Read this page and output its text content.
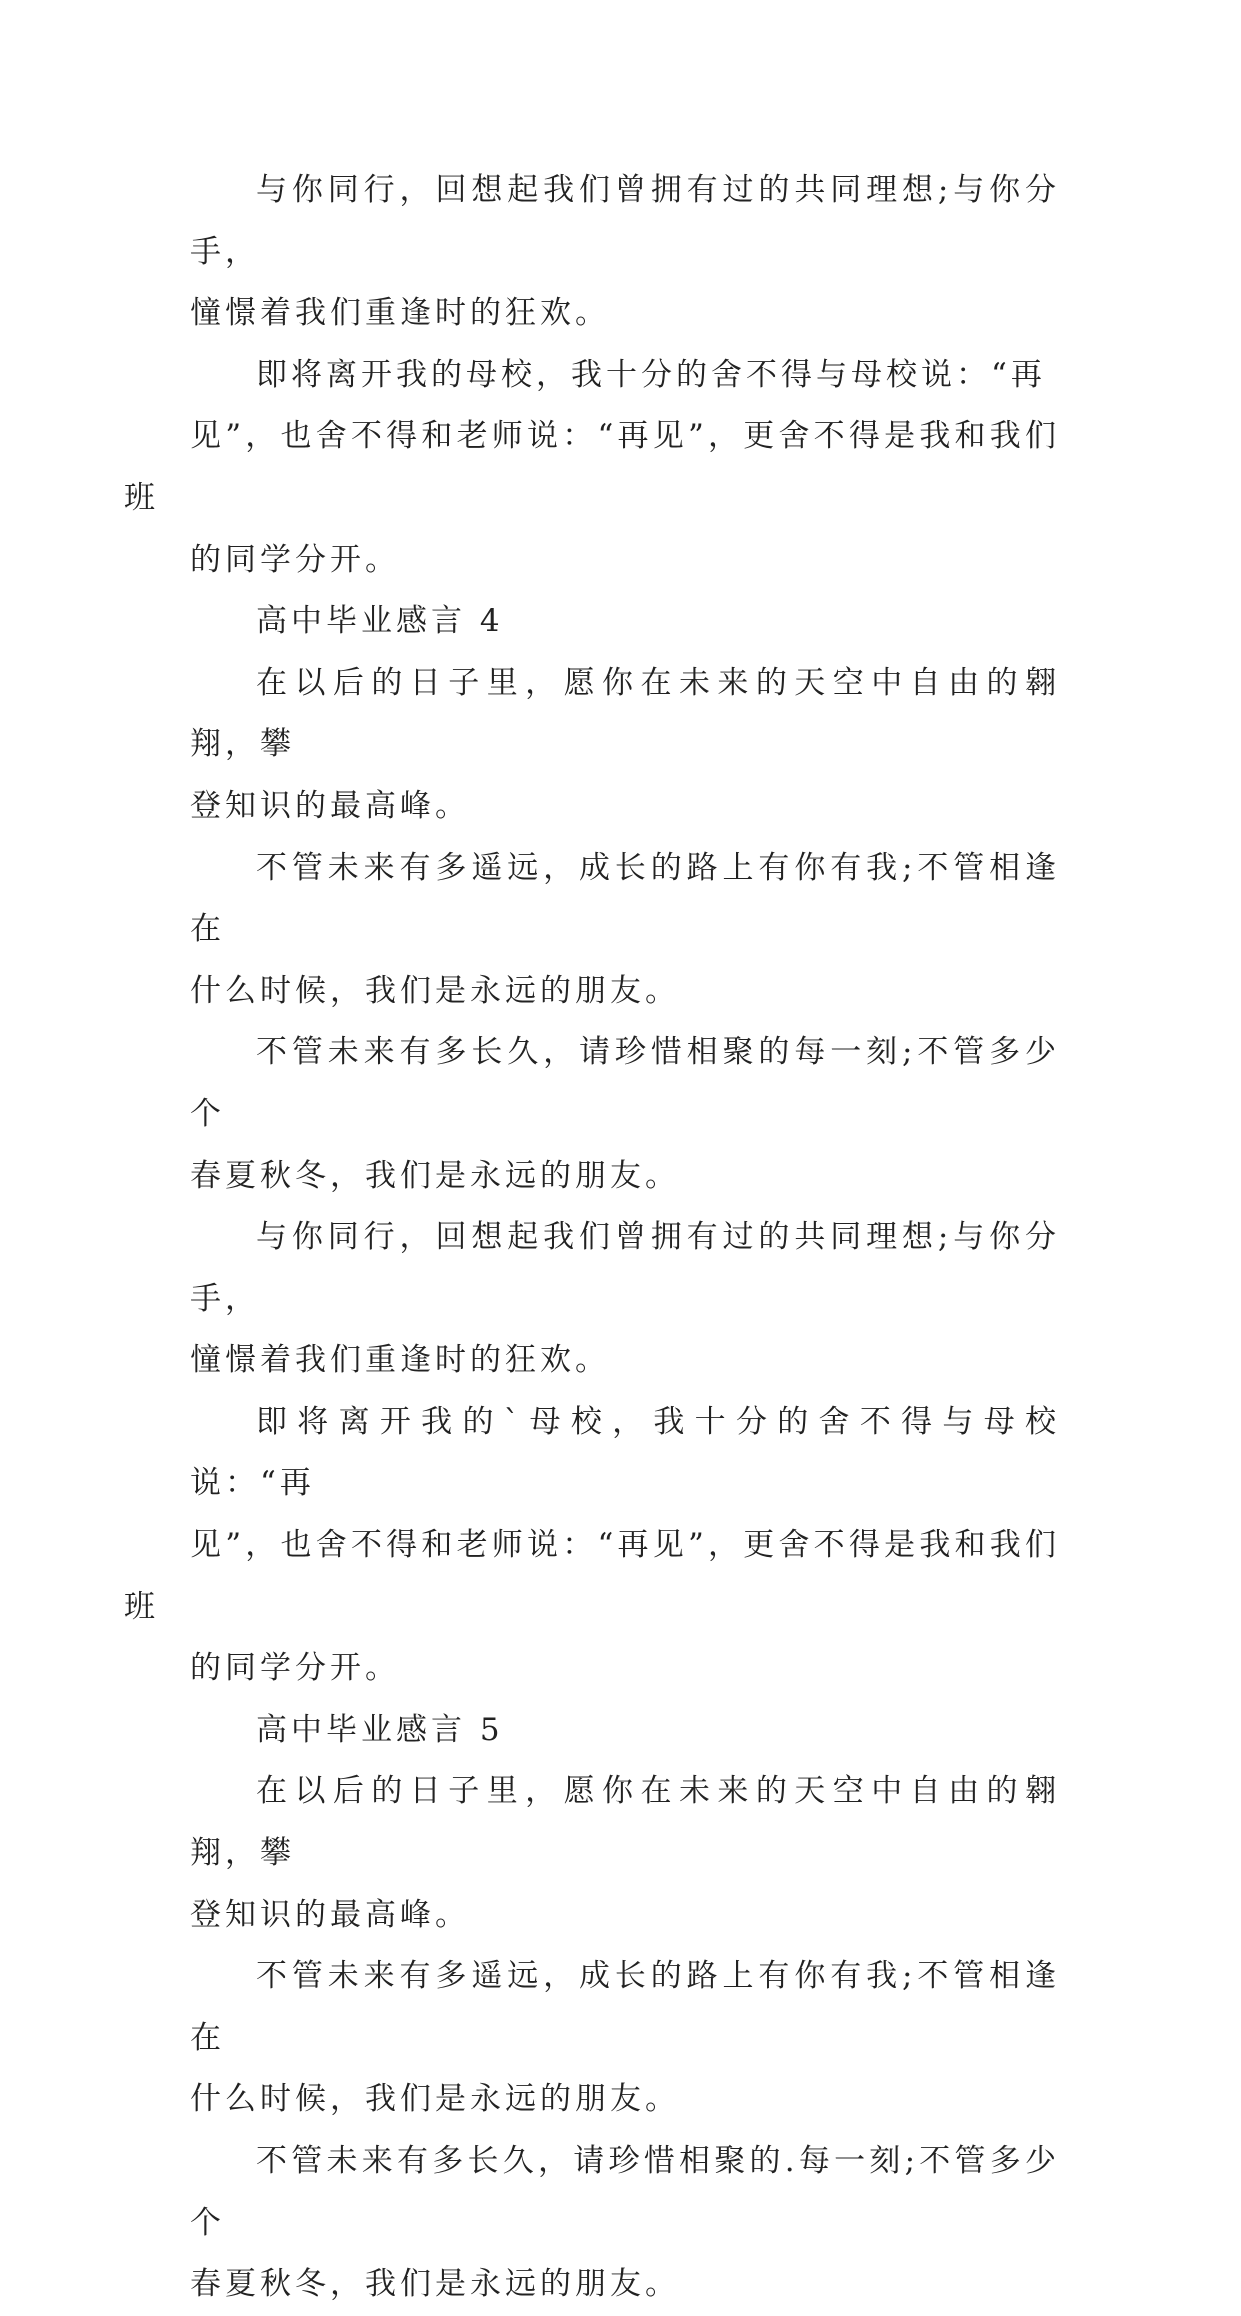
与你同行，回想起我们曾拥有过的共同理想;与你分手，
憧憬着我们重逢时的狂欢。

即将离开我的母校，我十分的舍不得与母校说：“再
见”，也舍不得和老师说：“再见”，更舍不得是我和我们班
的同学分开。

高中毕业感言 4

在以后的日子里，愿你在未来的天空中自由的翱翔，攀
登知识的最高峰。

不管未来有多遥远，成长的路上有你有我;不管相逢在
什么时候，我们是永远的朋友。

不管未来有多长久，请珍惜相聚的每一刻;不管多少个
春夏秋冬，我们是永远的朋友。

与你同行，回想起我们曾拥有过的共同理想;与你分手，
憧憬着我们重逢时的狂欢。

即将离开我的`母校，我十分的舍不得与母校说：“再
见”，也舍不得和老师说：“再见”，更舍不得是我和我们班
的同学分开。

高中毕业感言 5

在以后的日子里，愿你在未来的天空中自由的翱翔，攀
登知识的最高峰。

不管未来有多遥远，成长的路上有你有我;不管相逢在
什么时候，我们是永远的朋友。

不管未来有多长久，请珍惜相聚的.每一刻;不管多少个
春夏秋冬，我们是永远的朋友。
